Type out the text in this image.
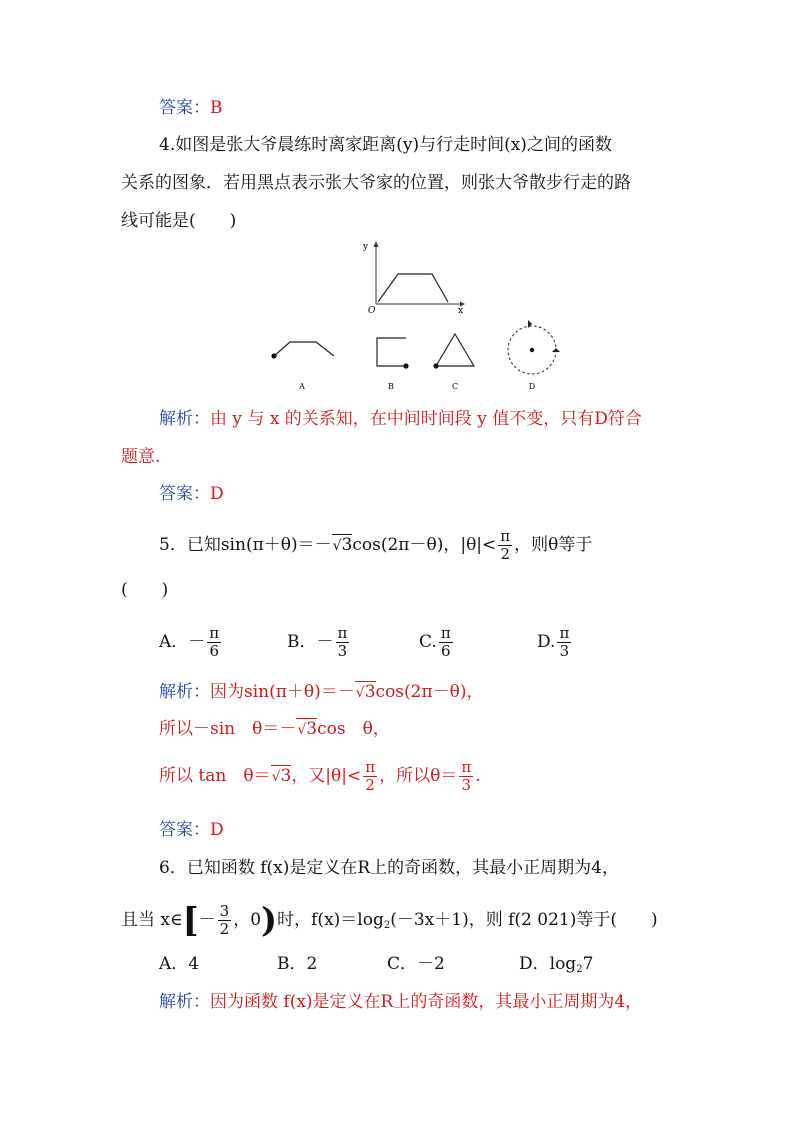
答案：B
4.如图是张大爷晨练时离家距离(y)与行走时间(x)之间的函数
关系的图象．若用黑点表示张大爷家的位置，则张大爷散步行走的路
线可能是(　　)
y
x
O
A	B	C	D
解析：由 y 与 x 的关系知，在中间时间段 y 值不变，只有D符合
题意.
答案：D
5．已知sin(π＋θ)＝－√3cos(2π－θ)，$|\theta|< \frac{\pi}{2}$ ，则θ等于
(　　)
A．－ $\frac{\pi}{6}$	B．－ $\frac{\pi}{3}$	C. $\frac{\pi}{6}$	D. $\frac{\pi}{3}$
解析：因为sin(π＋θ)＝－√3cos(2π－θ)，
所以－sin　θ＝－√3cos　θ，
所以 tan　θ＝√3，又$|\theta|< \frac{\pi}{2}$ ，所以$\theta= \frac{\pi}{3}$ .
答案：D
6．已知函数 f(x)是定义在R上的奇函数，其最小正周期为4，
且当 x∈[－ $\frac{3}{2}$ ，0)时，$f(x)=\log_2(-3x+1)$，则 f(2 021)等于(　　)
A．4	B．2	C．－2	D．$\log_27$
解析：因为函数 f(x)是定义在R上的奇函数，其最小正周期为4，
